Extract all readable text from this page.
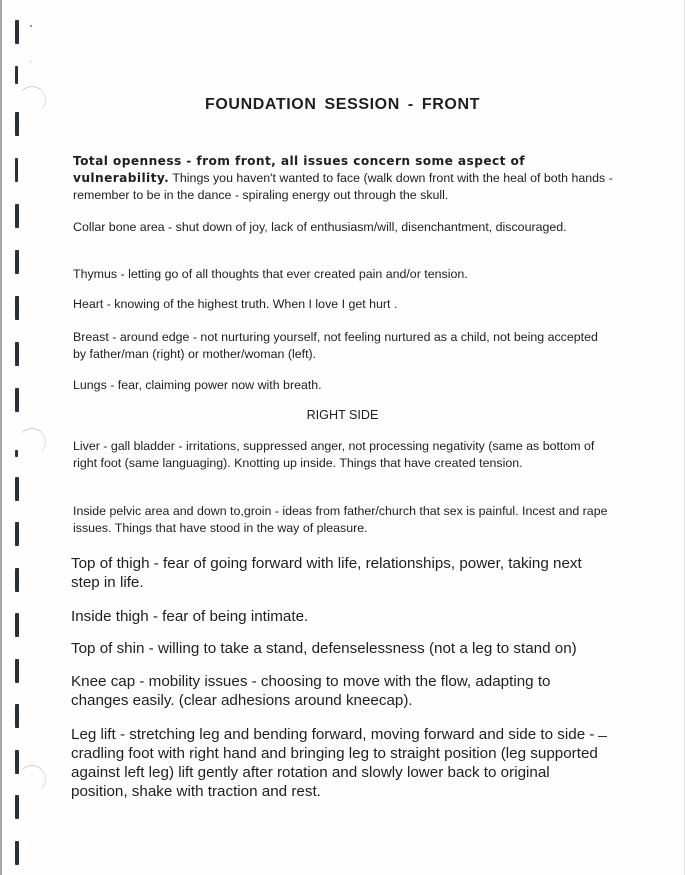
FOUNDATION SESSION - FRONT
Total openness - from front, all issues concern some aspect of vulnerability. Things you haven't wanted to face (walk down front with the heal of both hands - remember to be in the dance - spiraling energy out through the skull.
Collar bone area - shut down of joy, lack of enthusiasm/will, disenchantment, discouraged.
Thymus - letting go of all thoughts that ever created pain and/or tension.
Heart - knowing of the highest truth. When I love I get hurt .
Breast - around edge - not nurturing yourself, not feeling nurtured as a child, not being accepted by father/man (right) or mother/woman (left).
Lungs - fear, claiming power now with breath.
RIGHT SIDE
Liver - gall bladder - irritations, suppressed anger, not processing negativity (same as bottom of right foot (same languaging). Knotting up inside. Things that have created tension.
Inside pelvic area and down to,groin - ideas from father/church that sex is painful. Incest and rape issues. Things that have stood in the way of pleasure.
Top of thigh - fear of going forward with life, relationships, power, taking next step in life.
Inside thigh - fear of being intimate.
Top of shin - willing to take a stand, defenselessness (not a leg to stand on)
Knee cap - mobility issues - choosing to move with the flow, adapting to changes easily. (clear adhesions around kneecap).
Leg lift - stretching leg and bending forward, moving forward and side to side - cradling foot with right hand and bringing leg to straight position (leg supported against left leg) lift gently after rotation and slowly lower back to original position, shake with traction and rest.
